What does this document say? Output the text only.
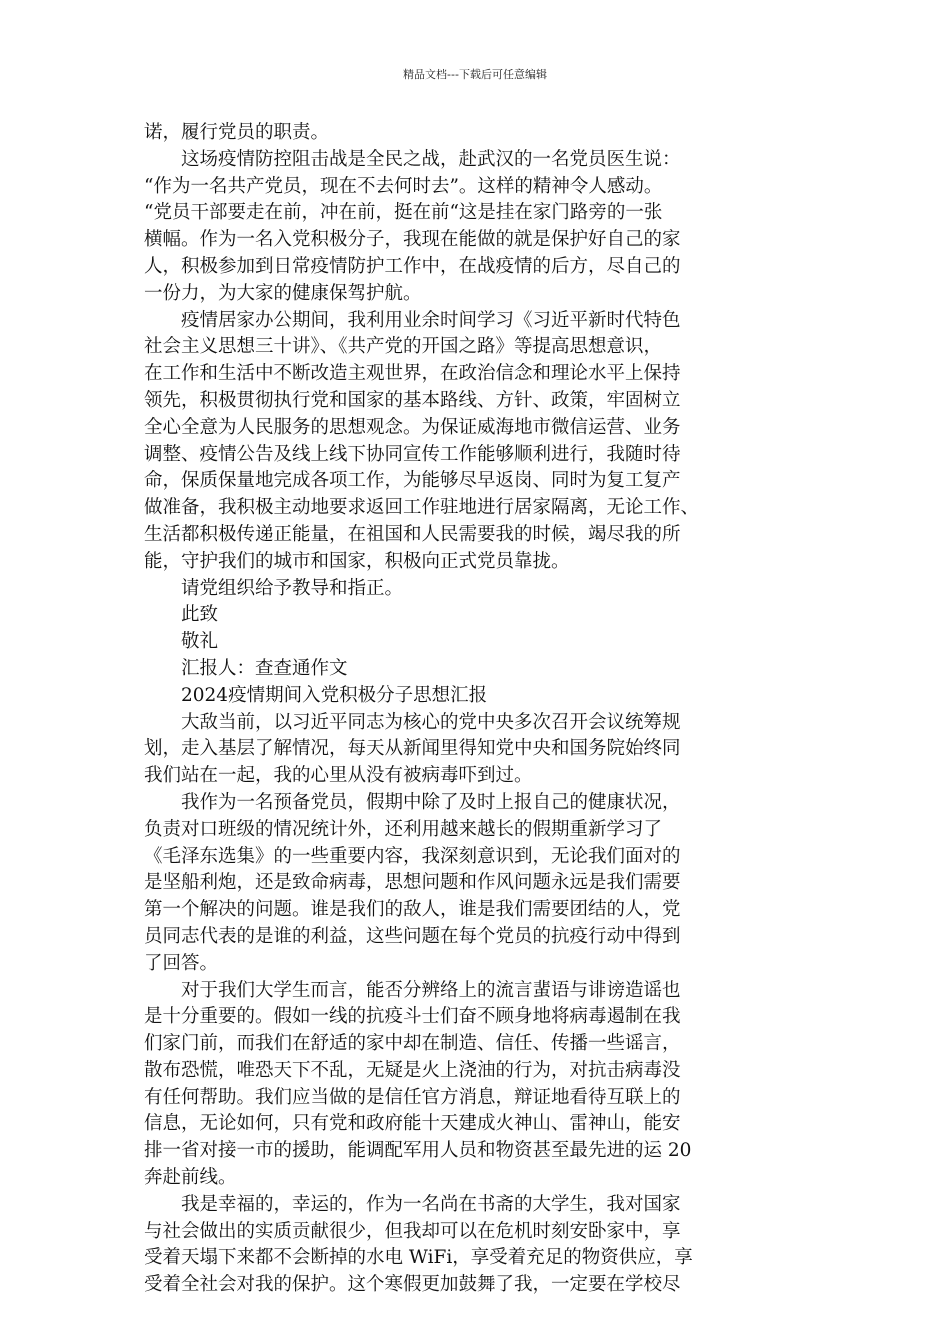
精品文档---下载后可任意编辑

诺，履行党员的职责。

这场疫情防控阻击战是全民之战，赴武汉的一名党员医生说：

“作为一名共产党员，现在不去何时去”。这样的精神令人感动。

“党员干部要走在前，冲在前，挺在前“这是挂在家门路旁的一张

横幅。作为一名入党积极分子，我现在能做的就是保护好自己的家

人，积极参加到日常疫情防护工作中，在战疫情的后方，尽自己的

一份力，为大家的健康保驾护航。

疫情居家办公期间，我利用业余时间学习《习近平新时代特色

社会主义思想三十讲》、《共产党的开国之路》等提高思想意识，

在工作和生活中不断改造主观世界，在政治信念和理论水平上保持

领先，积极贯彻执行党和国家的基本路线、方针、政策，牢固树立

全心全意为人民服务的思想观念。为保证威海地市微信运营、业务

调整、疫情公告及线上线下协同宣传工作能够顺利进行，我随时待

命，保质保量地完成各项工作，为能够尽早返岗、同时为复工复产

做准备，我积极主动地要求返回工作驻地进行居家隔离，无论工作、

生活都积极传递正能量，在祖国和人民需要我的时候，竭尽我的所

能，守护我们的城市和国家，积极向正式党员靠拢。

请党组织给予教导和指正。

此致

敬礼

汇报人：查查通作文

2024疫情期间入党积极分子思想汇报

大敌当前，以习近平同志为核心的党中央多次召开会议统筹规

划，走入基层了解情况，每天从新闻里得知党中央和国务院始终同

我们站在一起，我的心里从没有被病毒吓到过。

我作为一名预备党员，假期中除了及时上报自己的健康状况，

负责对口班级的情况统计外，还利用越来越长的假期重新学习了

《毛泽东选集》的一些重要内容，我深刻意识到，无论我们面对的

是坚船利炮，还是致命病毒，思想问题和作风问题永远是我们需要

第一个解决的问题。谁是我们的敌人，谁是我们需要团结的人，党

员同志代表的是谁的利益，这些问题在每个党员的抗疫行动中得到

了回答。

对于我们大学生而言，能否分辨络上的流言蜚语与诽谤造谣也

是十分重要的。假如一线的抗疫斗士们奋不顾身地将病毒遏制在我

们家门前，而我们在舒适的家中却在制造、信任、传播一些谣言，

散布恐慌，唯恐天下不乱，无疑是火上浇油的行为，对抗击病毒没

有任何帮助。我们应当做的是信任官方消息，辩证地看待互联上的

信息，无论如何，只有党和政府能十天建成火神山、雷神山，能安

排一省对接一市的援助，能调配军用人员和物资甚至最先进的运 20

奔赴前线。

我是幸福的，幸运的，作为一名尚在书斋的大学生，我对国家

与社会做出的实质贡献很少，但我却可以在危机时刻安卧家中，享

受着天塌下来都不会断掉的水电 WiFi，享受着充足的物资供应，享

受着全社会对我的保护。这个寒假更加鼓舞了我，一定要在学校尽
